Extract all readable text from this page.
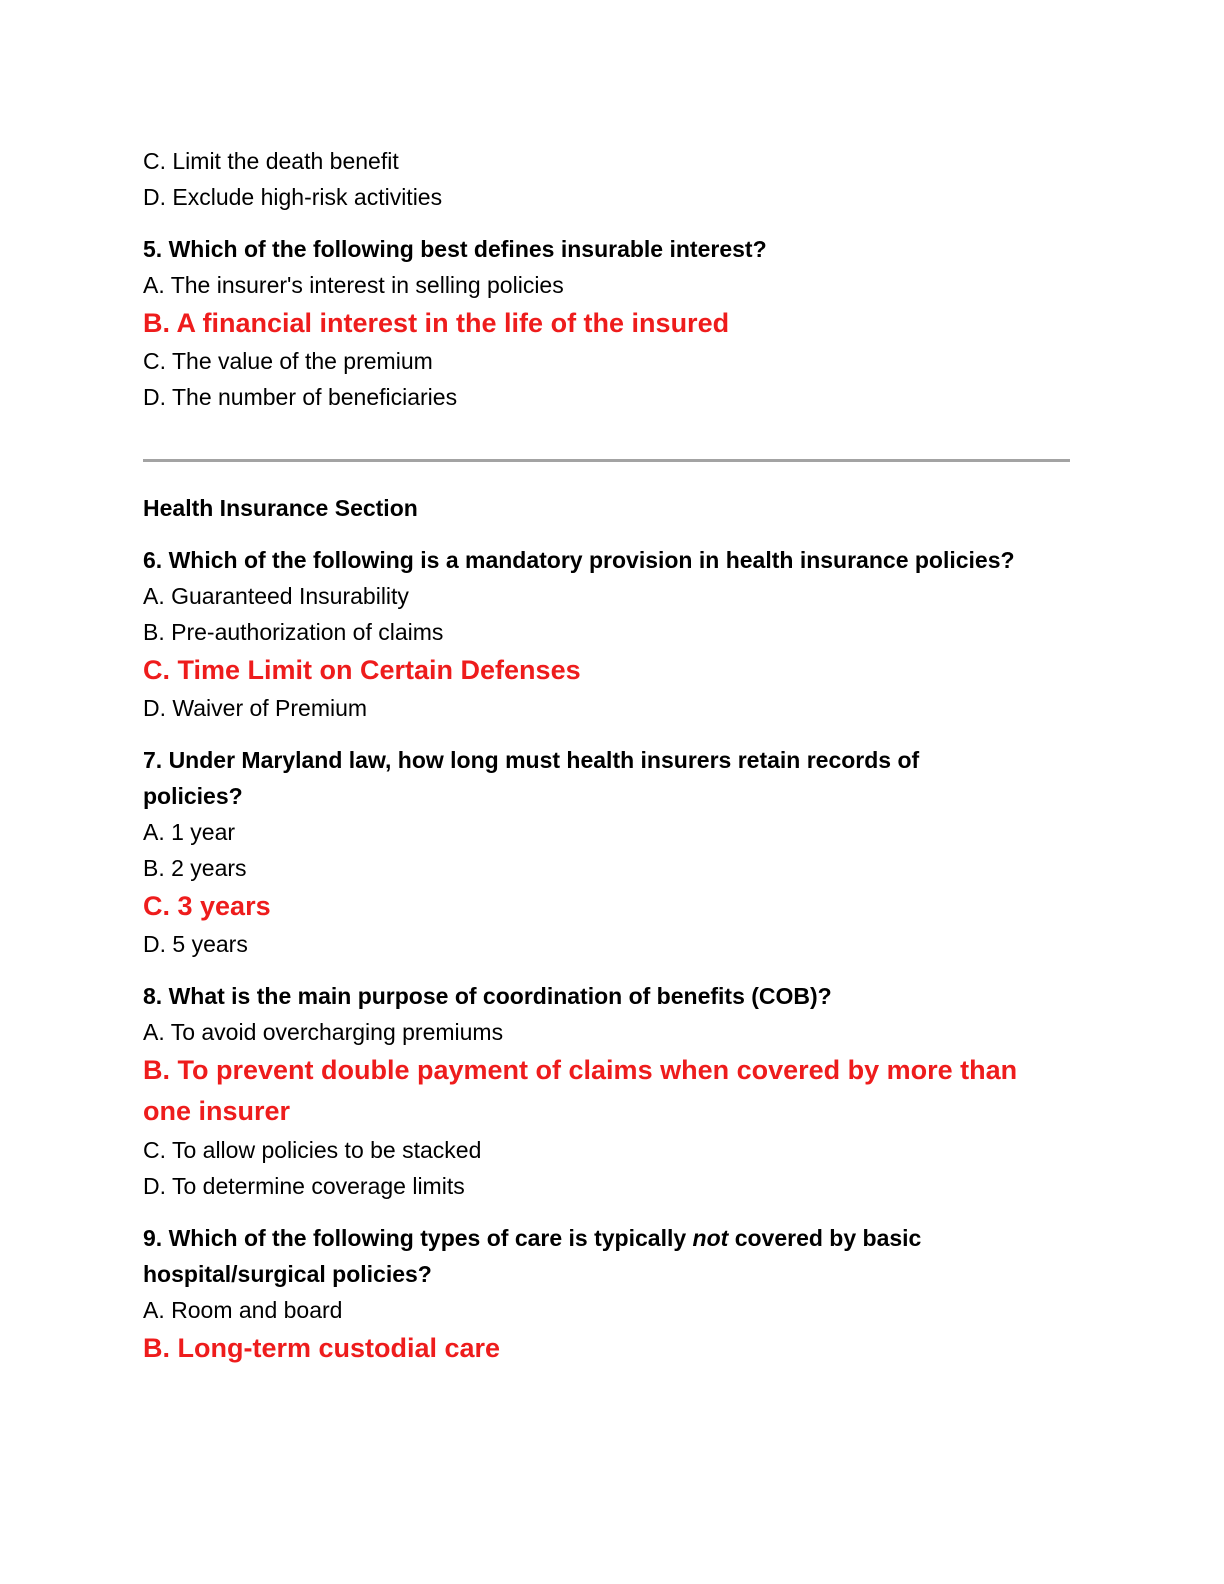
C. Limit the death benefit

D. Exclude high-risk activities

5. Which of the following best defines insurable interest?

A. The insurer's interest in selling policies

B. A financial interest in the life of the insured

C. The value of the premium

D. The number of beneficiaries

Health Insurance Section

6. Which of the following is a mandatory provision in health insurance policies?

A. Guaranteed Insurability

B. Pre-authorization of claims

C. Time Limit on Certain Defenses

D. Waiver of Premium

7. Under Maryland law, how long must health insurers retain records of policies?

A. 1 year

B. 2 years

C. 3 years

D. 5 years

8. What is the main purpose of coordination of benefits (COB)?

A. To avoid overcharging premiums

B. To prevent double payment of claims when covered by more than one insurer

C. To allow policies to be stacked

D. To determine coverage limits

9. Which of the following types of care is typically not covered by basic hospital/surgical policies?

A. Room and board

B. Long-term custodial care
